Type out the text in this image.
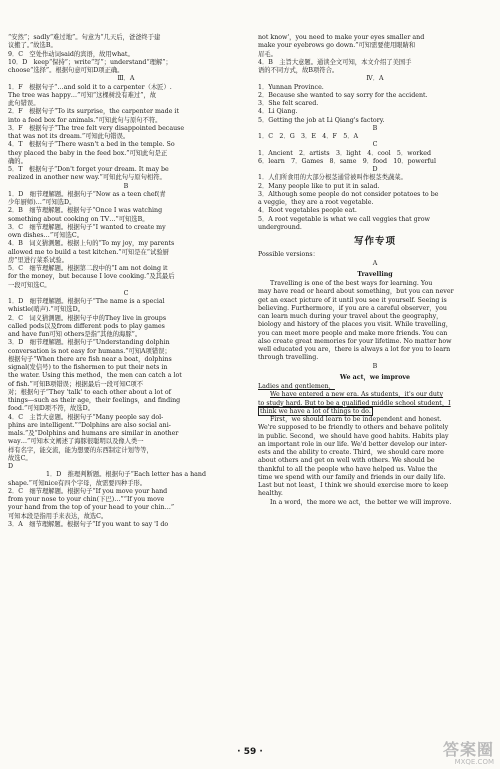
“安然”；sadly“难过地”。句意为“几天后，爸爸终于建

议搬了。”故选B。

9．C　空处作动词said的宾语，故用what。

10．D　keep“保持”；write“写”；understand“理解”；

choose“选择”。根据句意可知D项正确。

Ⅲ．A

1．F　根据句子“…and sold it to a carpenter（木匠）.

The tree was happy…”可知“这棵树没有难过”，故

此句错误。

2．F　根据句子“To its surprise，the carpenter made it

into a feed box for animals.”可知此句与原句不符。

3．F　根据句子“The tree felt very disappointed because

that was not its dream.”可知此句错误。

4．T　根据句子“There wasn't a bed in the temple. So

they placed the baby in the feed box.”可知此句是正

确的。

5．T　根据句子“Don't forget your dream. It may be

realized in another new way.”可知此句与原句相符。

B

1．D　细节理解题。根据句子“Now as a teen chef(青

少年厨师)…”可知选D。

2．B　细节理解题。根据句子“Once I was watching

something about cooking on TV…”可知选B。

3．C　细节理解题。根据句子“I wanted to create my

own dishes…”可知选C。

4．B　词义猜测题。根据上句的“To my joy，my parents

allowed me to build a test kitchen.”可知是在“试验厨

房”里进行菜系试验。

5．C　细节理解题。根据第二段中的“I am not doing it

for the money，but because I love cooking.”及其最后

一段可知选C。

C

1．D　细节理解题。根据句子“The name is a special

whistle(哨声).”可知选D。

2．C　词义猜测题。根据句子中的They live in groups

called pods以及from different pods to play games

and have fun可知 others是指“其他的海豚”。

3．D　细节理解题。根据句子“Understanding dolphin

conversation is not easy for humans.”可知A项错误；

根据句子“When there are fish near a boat，dolphins

signal(发信号) to the fishermen to put their nets in

the water. Using this method，the men can catch a lot

of fish.”可知B项错误；根据最后一段可知C项不

对；根据句子“They 'talk' to each other about a lot of

things—such as their age，their feelings，and finding

food.”可知D项不符，故选D。

4．C　主旨大意题。根据句子“Many people say dol-

phins are intelligent.”“Dolphins are also social ani-

mals.”及“Dolphins and humans are similar in another

way…”可知本文阐述了海豚很聪明以及像人类一

样有名字，能交流，能为想要的东西制定计划等等，

故选C。

D

1．D　推理判断题。根据句子“Each letter has a hand

shape.”可知nice有四个字母，故需要四种手形。

2．C　细节理解题。根据句子“If you move your hand

from your nose to your chin(下巴)…”“If you move

your hand from the top of your head to your chin…”

可知本段是指用手来表达，故选C。

3．A　细节理解题。根据句子“If you want to say 'I do

not know'，you need to make your eyes smaller and

make your eyebrows go down.”可知需要使用眼睛和

眉毛。

4．B　主旨大意题。通读全文可知，本文介绍了美国手

语的不同方式，故B项符合。

Ⅳ．A

1．Yunnan Province.

2．Because she wanted to say sorry for the accident.

3．She felt scared.

4．Li Qiang.

5．Getting the job at Li Qiang's factory.

B

1．C　2．G　3．E　4．F　5．A

C

1．Ancient　2．artists　3．light　4．cool　5．worked

6．learn　7．Games　8．same　9．food　10．powerful

D

1．人们所食用的大部分根茎通常被叫作根茎类蔬菜。

2．Many people like to put it in salad.

3．Although some people do not consider potatoes to be

a veggie，they are a root vegetable.

4．Root vegetables people eat.

5．A root vegetable is what we call veggies that grow

underground.

写作专项

Possible versions：

A

Travelling

Travelling is one of the best ways for learning. You

may have read or heard about something，but you can never

get an exact picture of it until you see it yourself. Seeing is

believing. Furthermore，if you are a careful observer，you

can learn much during your travel about the geography，

biology and history of the places you visit. While travelling，

you can meet more people and make more friends. You can

also create great memories for your lifetime. No matter how

well educated you are，there is always a lot for you to learn

through travelling.

B

We act，we improve

Ladies and gentlemen，

We have entered a new era. As students，it's our duty

to study hard. But to be a qualified middle school student，I

think we have a lot of things to do.

First，we should learn to be independent and honest.

We're supposed to be friendly to others and behave politely

in public. Second，we should have good habits. Habits play

an important role in our life. We'd better develop our inter-

ests and the ability to create. Third，we should care more

about others and get on well with others. We should be

thankful to all the people who have helped us. Value the

time we spend with our family and friends in our daily life.

Last but not least，I think we should exercise more to keep

healthy.

In a word，the more we act，the better we will improve.

· 59 ·	答案圈
MXQE.COM
